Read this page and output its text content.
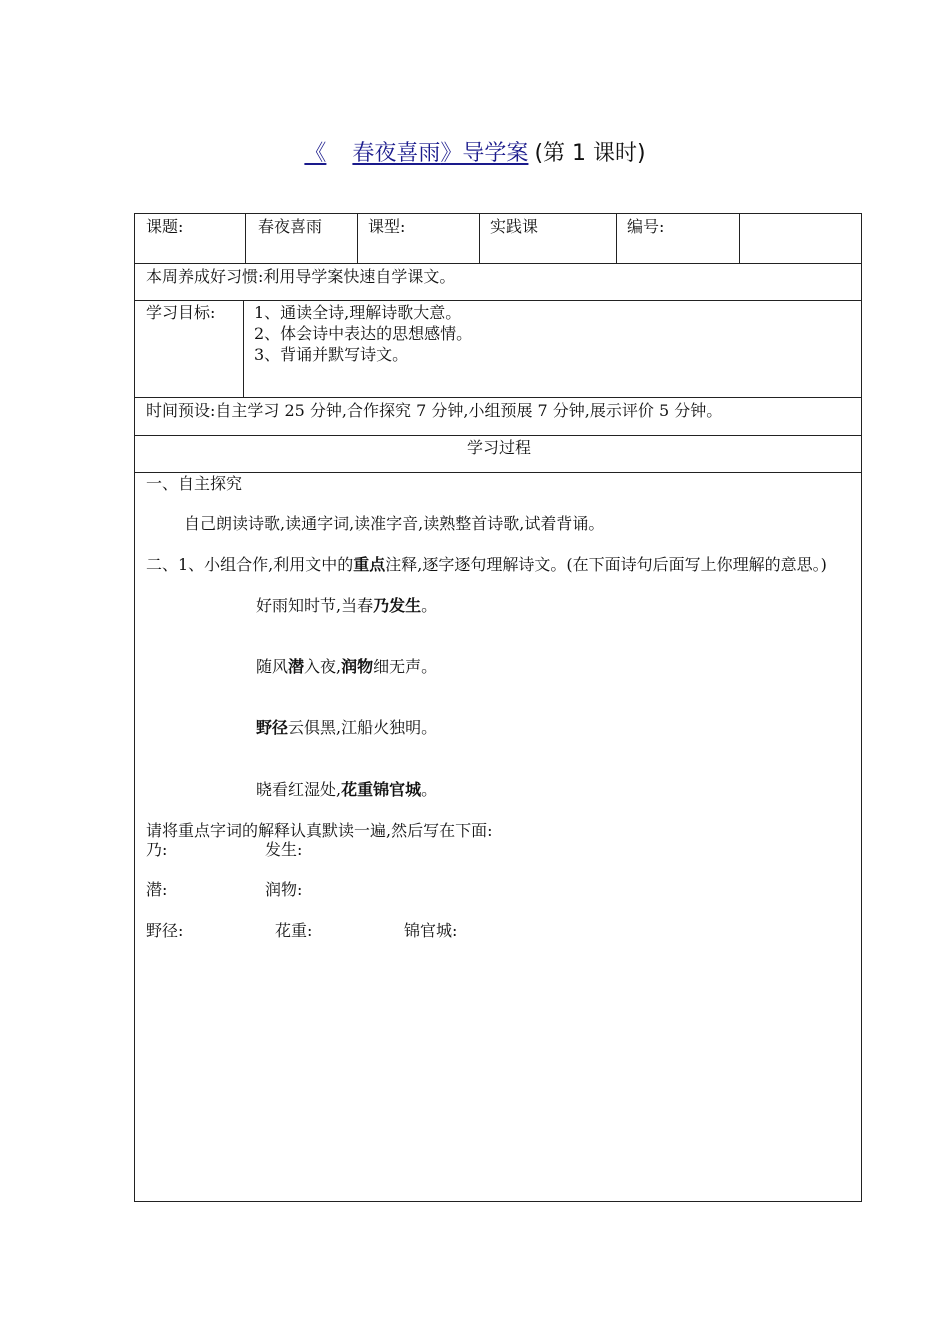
《 春夜喜雨》导学案 (第 1 课时)
课题:	春夜喜雨	课型:	实践课	编号:
本周养成好习惯:利用导学案快速自学课文。
学习目标: 1、通读全诗,理解诗歌大意。
2、体会诗中表达的思想感情。
3、背诵并默写诗文。
时间预设:自主学习 25 分钟,合作探究 7 分钟,小组预展 7 分钟,展示评价 5 分钟。
学习过程
一、自主探究
自己朗读诗歌,读通字词,读准字音,读熟整首诗歌,试着背诵。
二、1、小组合作,利用文中的重点注释,逐字逐句理解诗文。(在下面诗句后面写上你理解的意思。)
好雨知时节,当春乃发生。
随风潜入夜,润物细无声。
野径云俱黑,江船火独明。
晓看红湿处,花重锦官城。
请将重点字词的解释认真默读一遍,然后写在下面:
乃:	发生:
潜:	润物:
野径:	花重:	锦官城:
